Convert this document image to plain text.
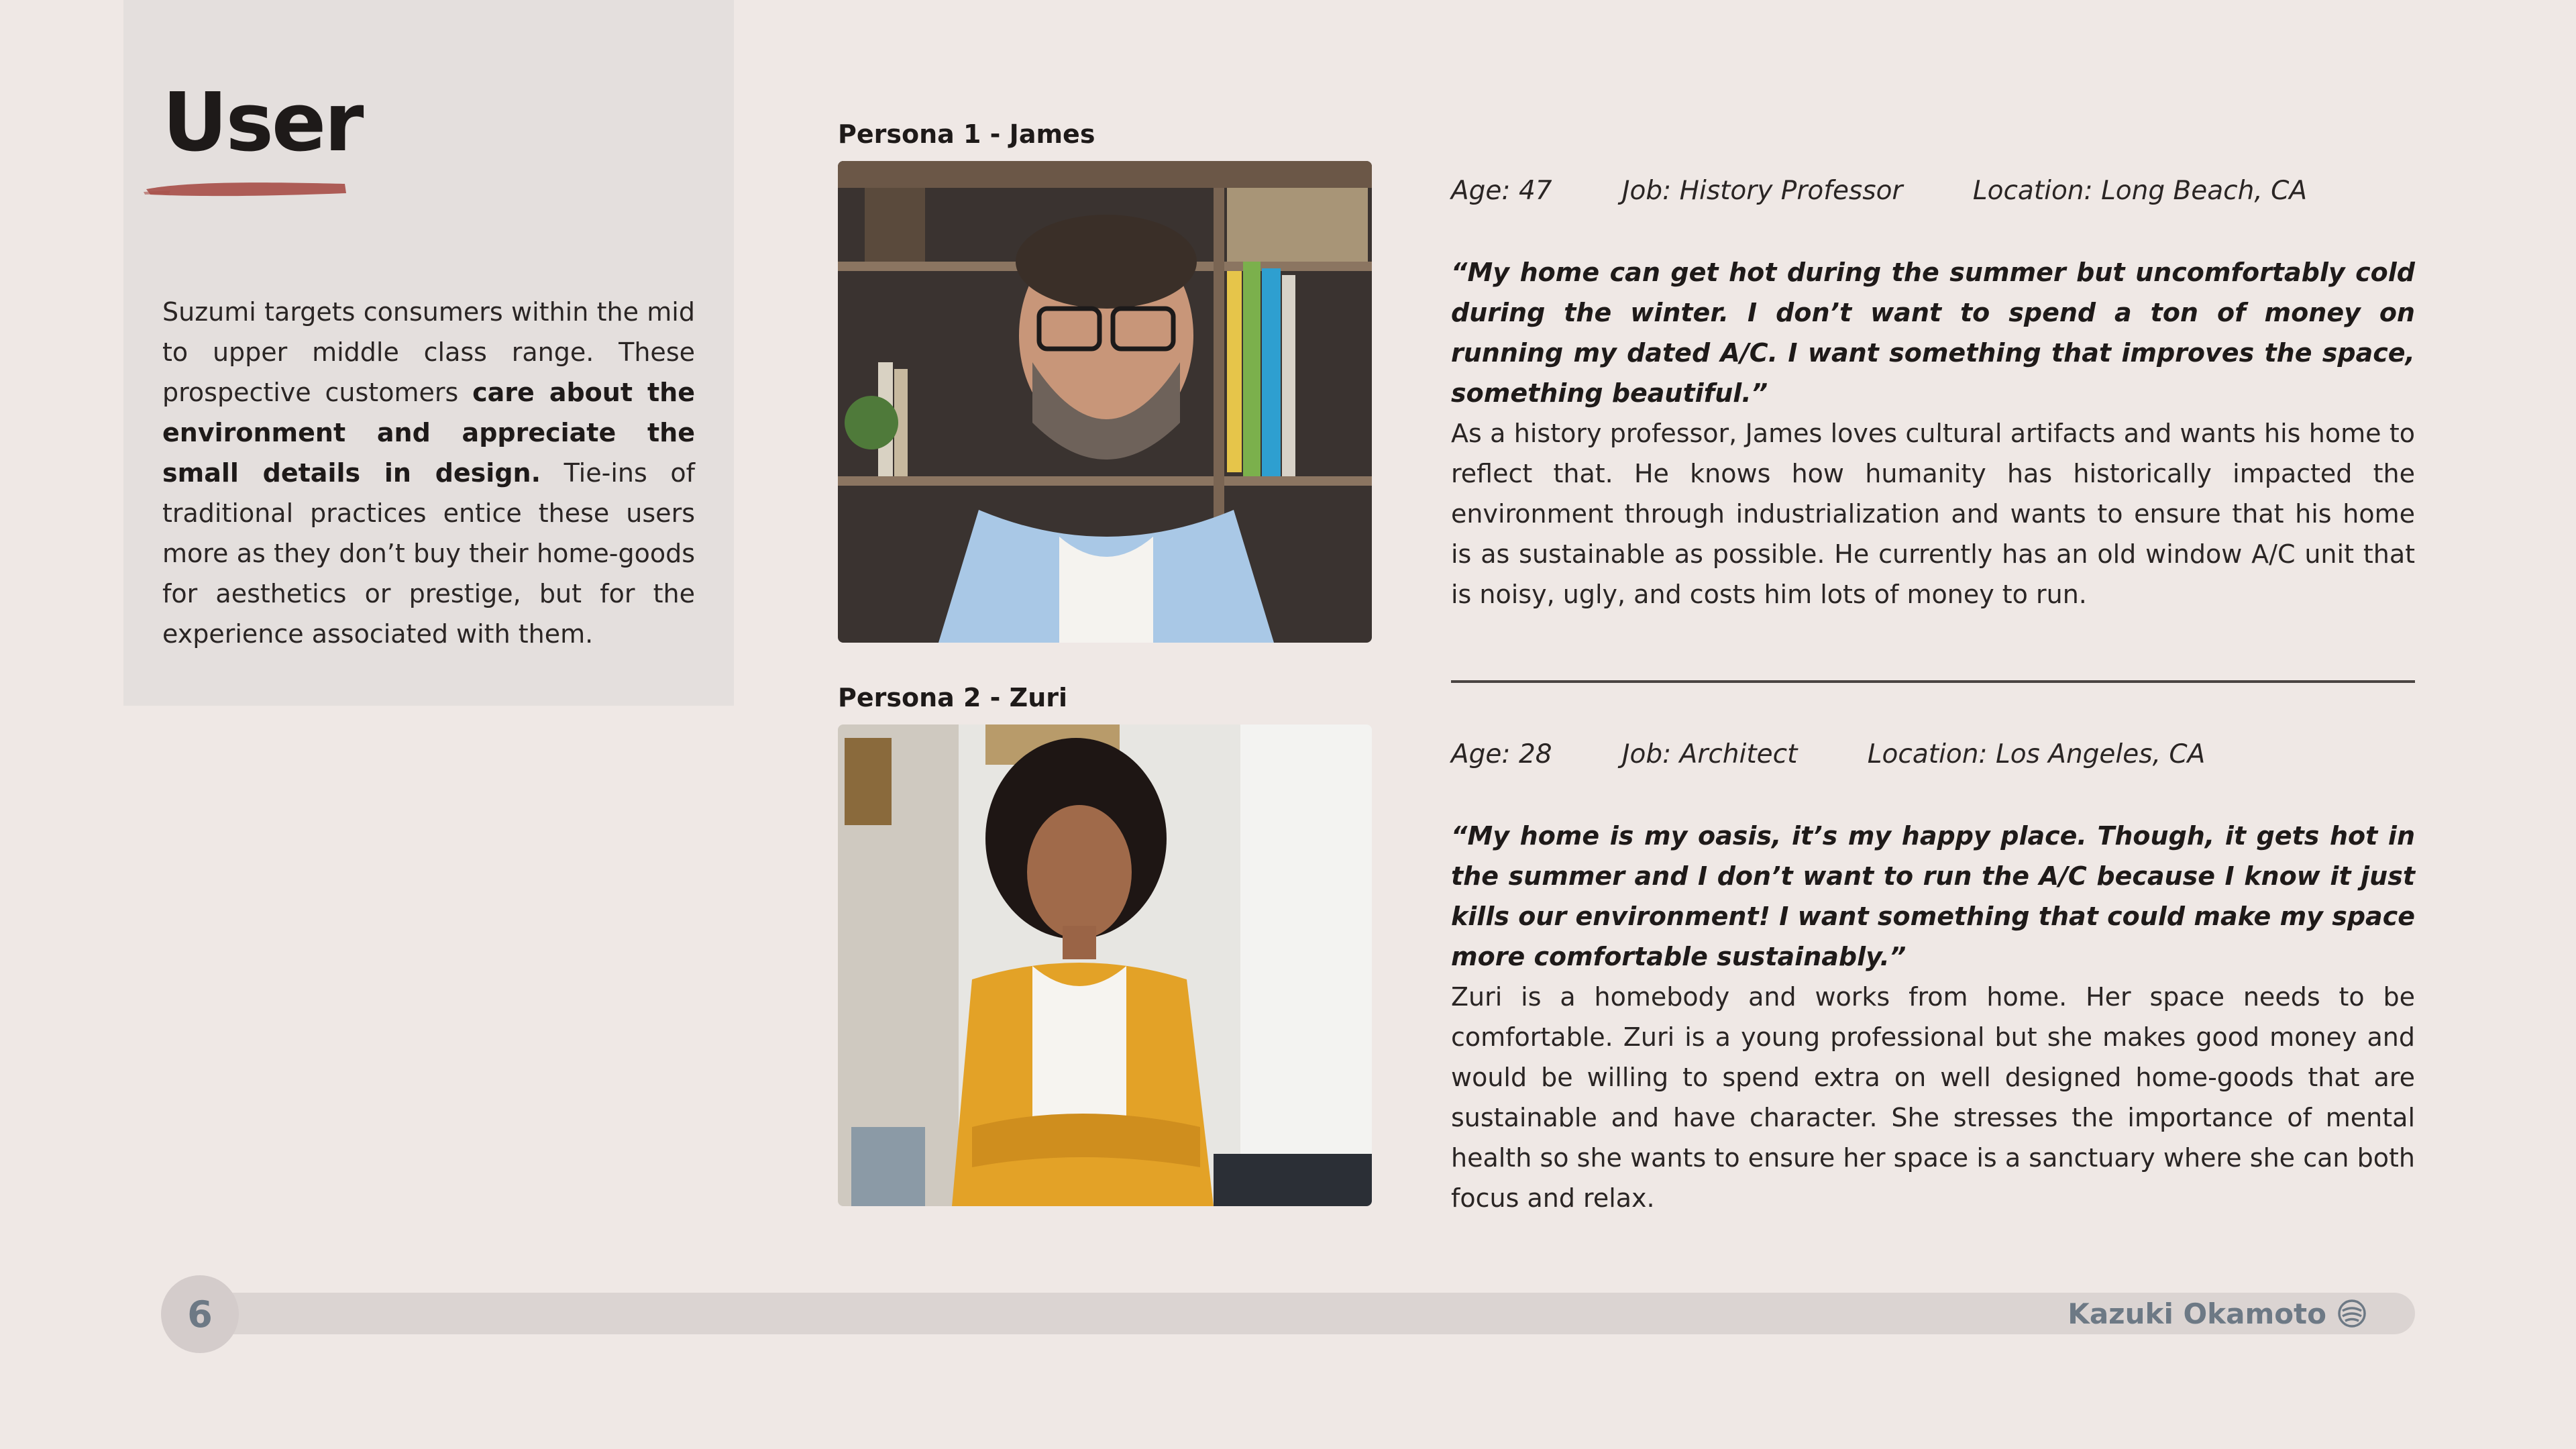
User

Suzumi targets consumers within the mid to upper middle class range. These prospective customers care about the environment and appreciate the small details in design. Tie-ins of traditional practices entice these users more as they don’t buy their home-goods for aesthetics or prestige, but for the experience associated with them.

Persona 1 - James

Age: 47	Job: History Professor	Location: Long Beach, CA

“My home can get hot during the summer but uncomfortably cold during the winter. I don’t want to spend a ton of money on running my dated A/C. I want something that improves the space, something beautiful.”

As a history professor, James loves cultural artifacts and wants his home to reflect that. He knows how humanity has historically impacted the environment through industrialization and wants to ensure that his home is as sustainable as possible. He currently has an old window A/C unit that is noisy, ugly, and costs him lots of money to run.

Persona 2 - Zuri

Age: 28	Job: Architect	Location: Los Angeles, CA

“My home is my oasis, it’s my happy place. Though, it gets hot in the summer and I don’t want to run the A/C because I know it just kills our environment! I want something that could make my space more comfortable sustainably.”

Zuri is a homebody and works from home. Her space needs to be comfortable. Zuri is a young professional but she makes good money and would be willing to spend extra on well designed home-goods that are sustainable and have character. She stresses the importance of mental health so she wants to ensure her space is a sanctuary where she can both focus and relax.

6	Kazuki Okamoto
